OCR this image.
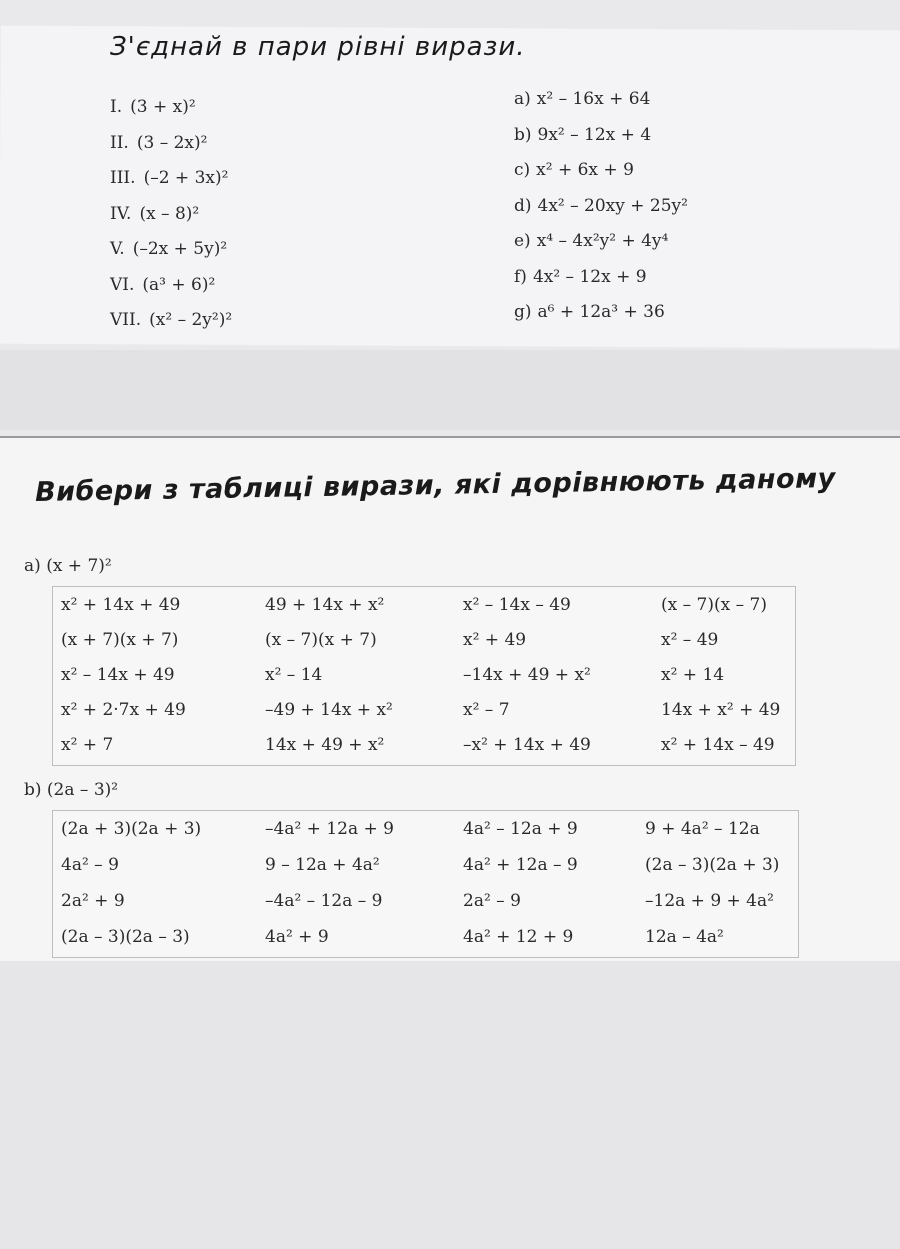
З'єднай в пари рівні вирази.
I. (3 + x)²
II. (3 – 2x)²
III. (–2 + 3x)²
IV. (x – 8)²
V. (–2x + 5y)²
VI. (a³ + 6)²
VII. (x² – 2y²)²
a) x² – 16x + 64
b) 9x² – 12x + 4
c) x² + 6x + 9
d) 4x² – 20xy + 25y²
e) x⁴ – 4x²y² + 4y⁴
f) 4x² – 12x + 9
g) a⁶ + 12a³ + 36
Вибери з таблиці вирази, які дорівнюють даному
a) (x + 7)²
x² + 14x + 49	49 + 14x + x²	x² – 14x – 49	(x – 7)(x – 7)
(x + 7)(x + 7)	(x – 7)(x + 7)	x² + 49	x² – 49
x² – 14x + 49	x² – 14	–14x + 49 + x²	x² + 14
x² + 2·7x + 49	–49 + 14x + x²	x² – 7	14x + x² + 49
x² + 7	14x + 49 + x²	–x² + 14x + 49	x² + 14x – 49
b) (2a – 3)²
(2a + 3)(2a + 3)	–4a² + 12a + 9	4a² – 12a + 9	9 + 4a² – 12a
4a² – 9	9 – 12a + 4a²	4a² + 12a – 9	(2a – 3)(2a + 3)
2a² + 9	–4a² – 12a – 9	2a² – 9	–12a + 9 + 4a²
(2a – 3)(2a – 3)	4a² + 9	4a² + 12 + 9	12a – 4a²
